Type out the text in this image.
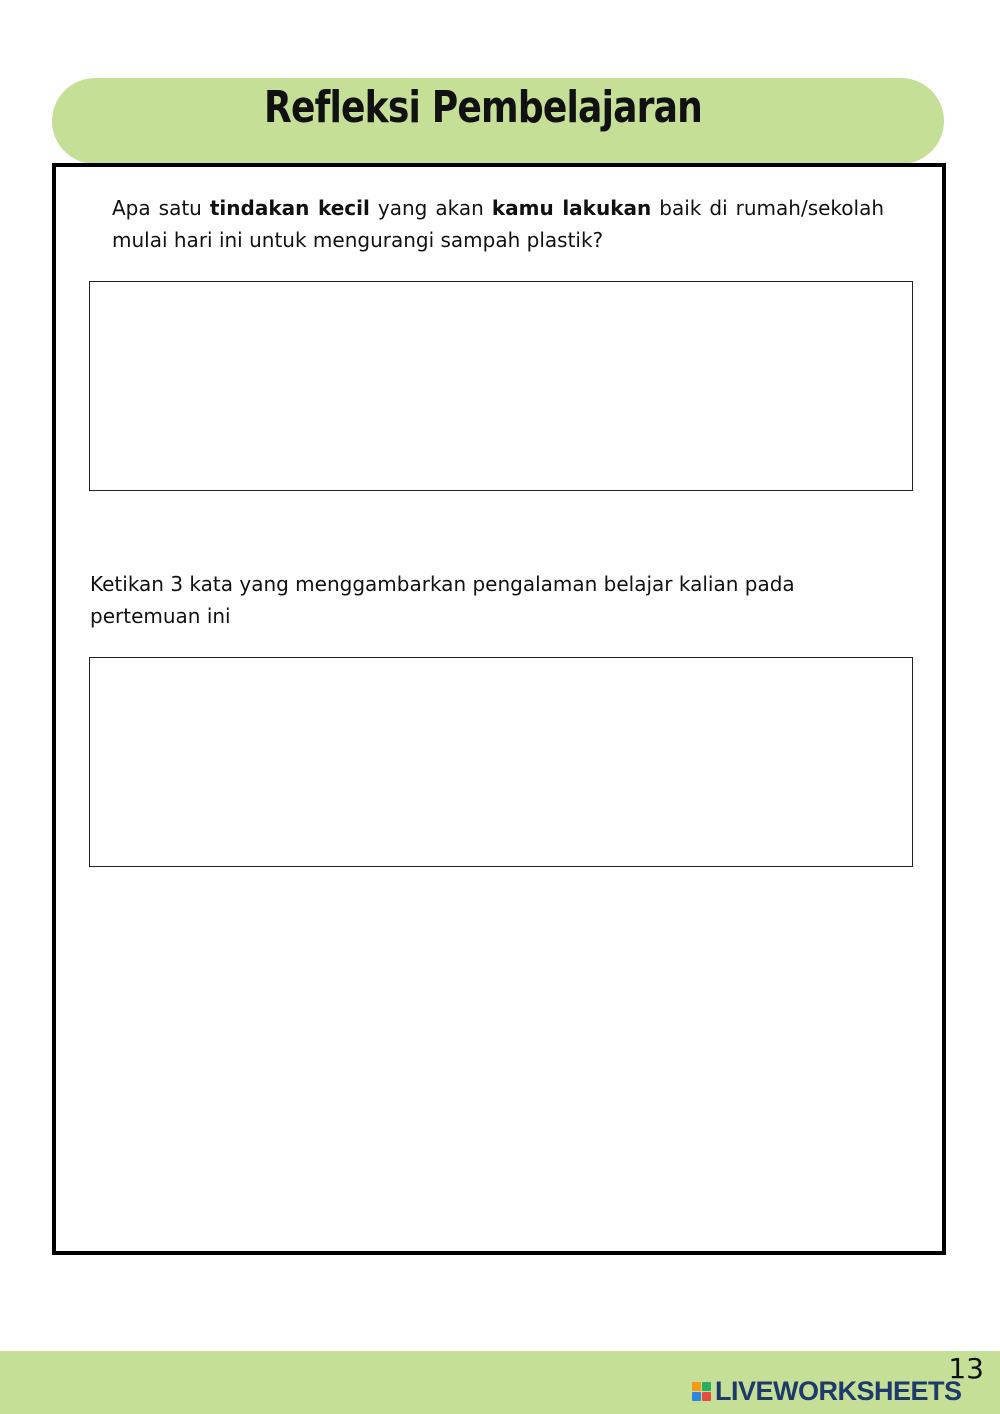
Refleksi Pembelajaran
Apa satu tindakan kecil yang akan kamu lakukan baik di rumah/sekolah mulai hari ini untuk mengurangi sampah plastik?
Ketikan 3 kata yang menggambarkan pengalaman belajar kalian pada pertemuan ini
LIVEWORKSHEETS
13
